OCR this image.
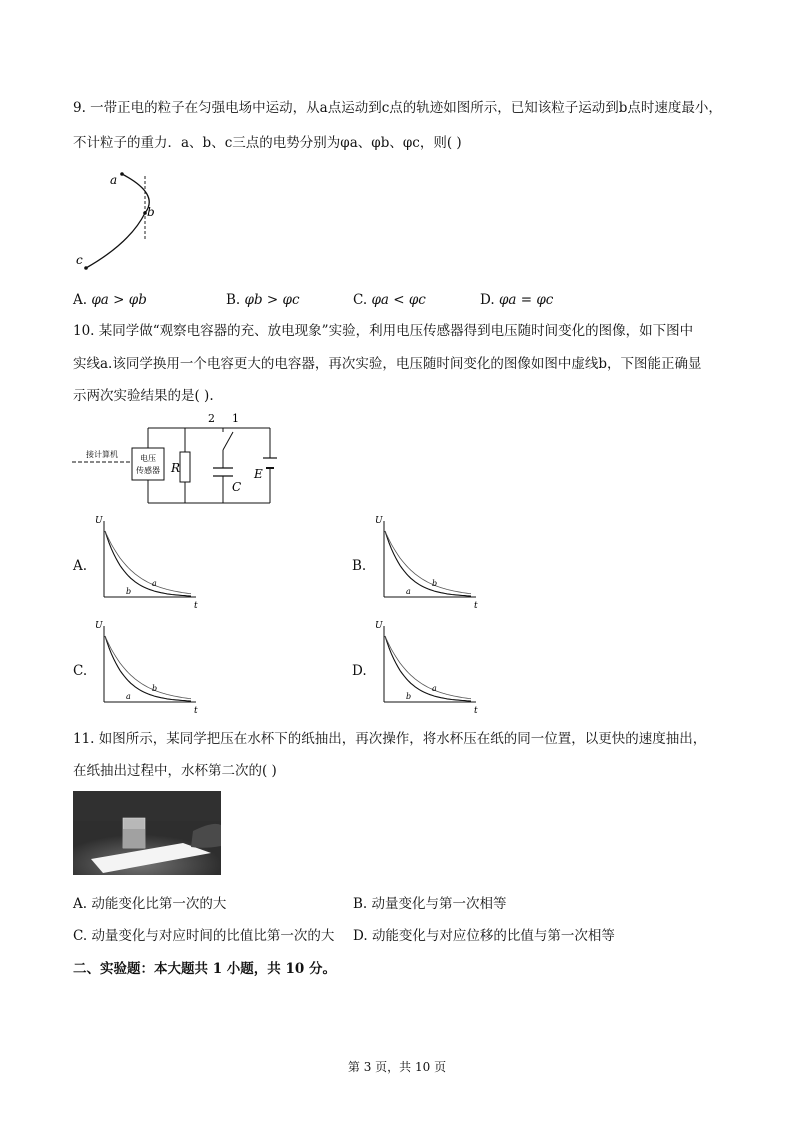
9. 一带正电的粒子在匀强电场中运动，从a点运动到c点的轨迹如图所示，已知该粒子运动到b点时速度最小，
不计粒子的重力．a、b、c三点的电势分别为φa、φb、φc，则( )
a
b
c
A. φa > φb	B. φb > φc	C. φa < φc	D. φa = φc
10. 某同学做“观察电容器的充、放电现象”实验，利用电压传感器得到电压随时间变化的图像，如下图中
实线a.该同学换用一个电容更大的电容器，再次实验，电压随时间变化的图像如图中虚线b，下图能正确显
示两次实验结果的是( ).
电压
传感器
接计算机
R
C
E
2 1
A.	B.
C.	D.
U
t
a
b
U
t
b
a
U
t
b
a
U
t
a
b
11. 如图所示，某同学把压在水杯下的纸抽出，再次操作，将水杯压在纸的同一位置，以更快的速度抽出，
在纸抽出过程中，水杯第二次的( )
A. 动能变化比第一次的大	B. 动量变化与第一次相等
C. 动量变化与对应时间的比值比第一次的大 D. 动能变化与对应位移的比值与第一次相等
二、实验题：本大题共 1 小题，共 10 分。
第 3 页，共 10 页
